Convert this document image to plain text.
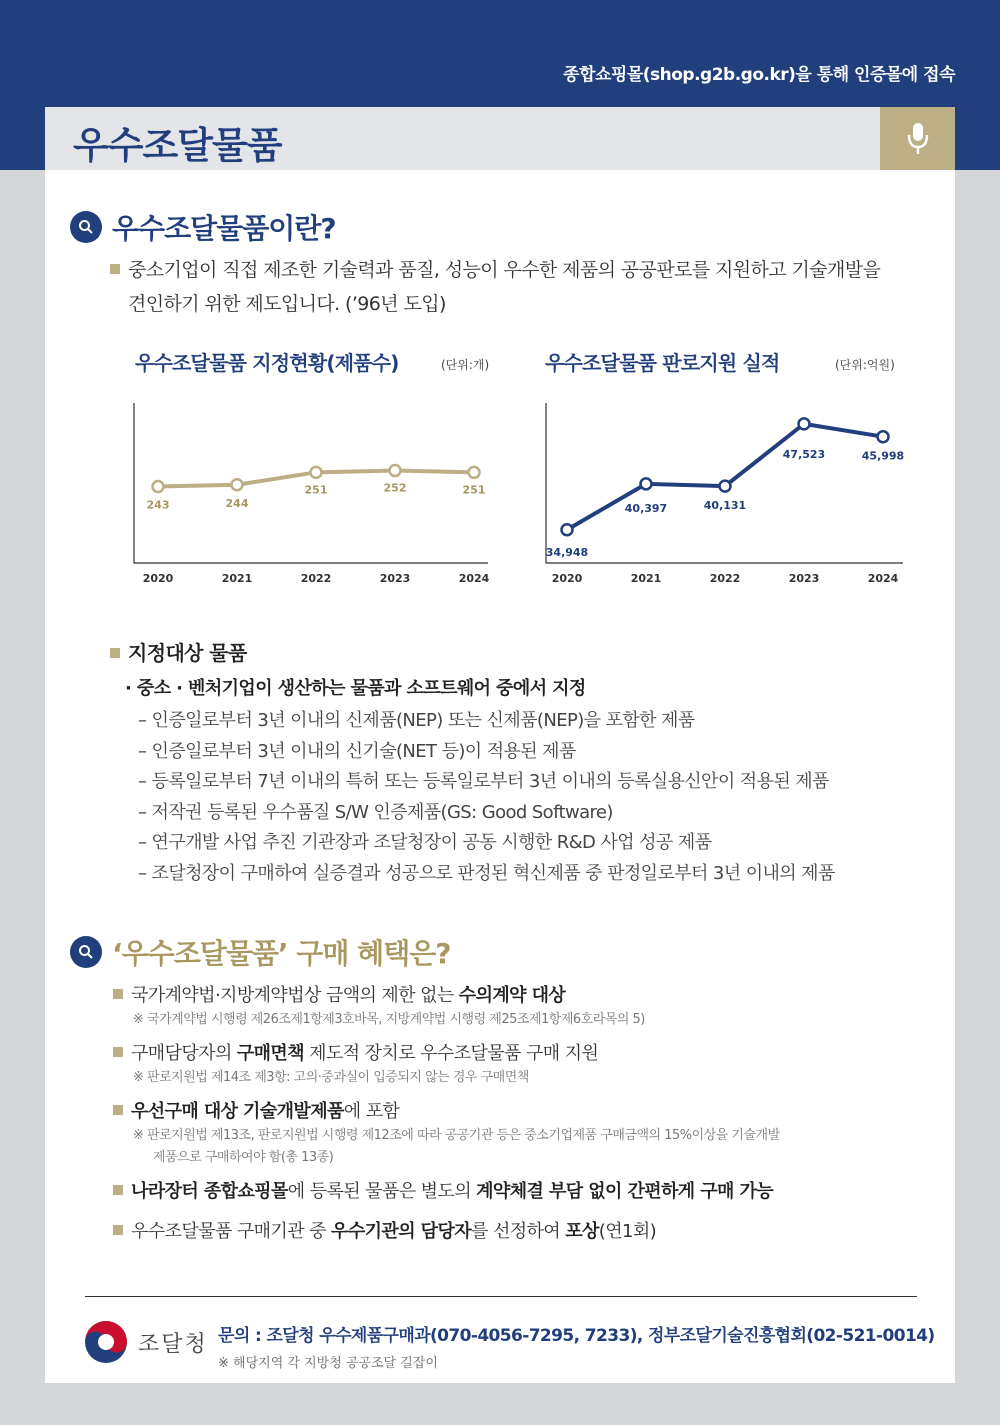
종합쇼핑몰(shop.g2b.go.kr)을 통해 인증몰에 접속
우수조달물품
우수조달물품이란?
중소기업이 직접 제조한 기술력과 품질, 성능이 우수한 제품의 공공판로를 지원하고 기술개발을
견인하기 위한 제도입니다. (’96년 도입)
우수조달물품 지정현황(제품수)	(단위:개)	우수조달물품 판로지원 실적	(단위:억원)
243
2020
244
2021
251
2022
252
2023
251
2024
34,948
2020
40,397
2021
40,131
2022
47,523
2023
45,998
2024
지정대상 물품
· 중소 · 벤처기업이 생산하는 물품과 소프트웨어 중에서 지정
– 인증일로부터 3년 이내의 신제품(NEP) 또는 신제품(NEP)을 포함한 제품
– 인증일로부터 3년 이내의 신기술(NET 등)이 적용된 제품
– 등록일로부터 7년 이내의 특허 또는 등록일로부터 3년 이내의 등록실용신안이 적용된 제품
– 저작권 등록된 우수품질 S/W 인증제품(GS: Good Software)
– 연구개발 사업 추진 기관장과 조달청장이 공동 시행한 R&D 사업 성공 제품
– 조달청장이 구매하여 실증결과 성공으로 판정된 혁신제품 중 판정일로부터 3년 이내의 제품
‘우수조달물품’ 구매 혜택은?
국가계약법·지방계약법상 금액의 제한 없는 수의계약 대상
※ 국가계약법 시행령 제26조제1항제3호바목, 지방계약법 시행령 제25조제1항제6호라목의 5)
구매담당자의 구매면책 제도적 장치로 우수조달물품 구매 지원
※ 판로지원법 제14조 제3항: 고의·중과실이 입증되지 않는 경우 구매면책
우선구매 대상 기술개발제품에 포함
※ 판로지원법 제13조, 판로지원법 시행령 제12조에 따라 공공기관 등은 중소기업제품 구매금액의 15%이상을 기술개발
제품으로 구매하여야 함(총 13종)
나라장터 종합쇼핑몰에 등록된 물품은 별도의 계약체결 부담 없이 간편하게 구매 가능
우수조달물품 구매기관 중 우수기관의 담당자를 선정하여 포상(연1회)
조달청 문의 : 조달청 우수제품구매과(070-4056-7295, 7233), 정부조달기술진흥협회(02-521-0014)
※ 해당지역 각 지방청 공공조달 길잡이
